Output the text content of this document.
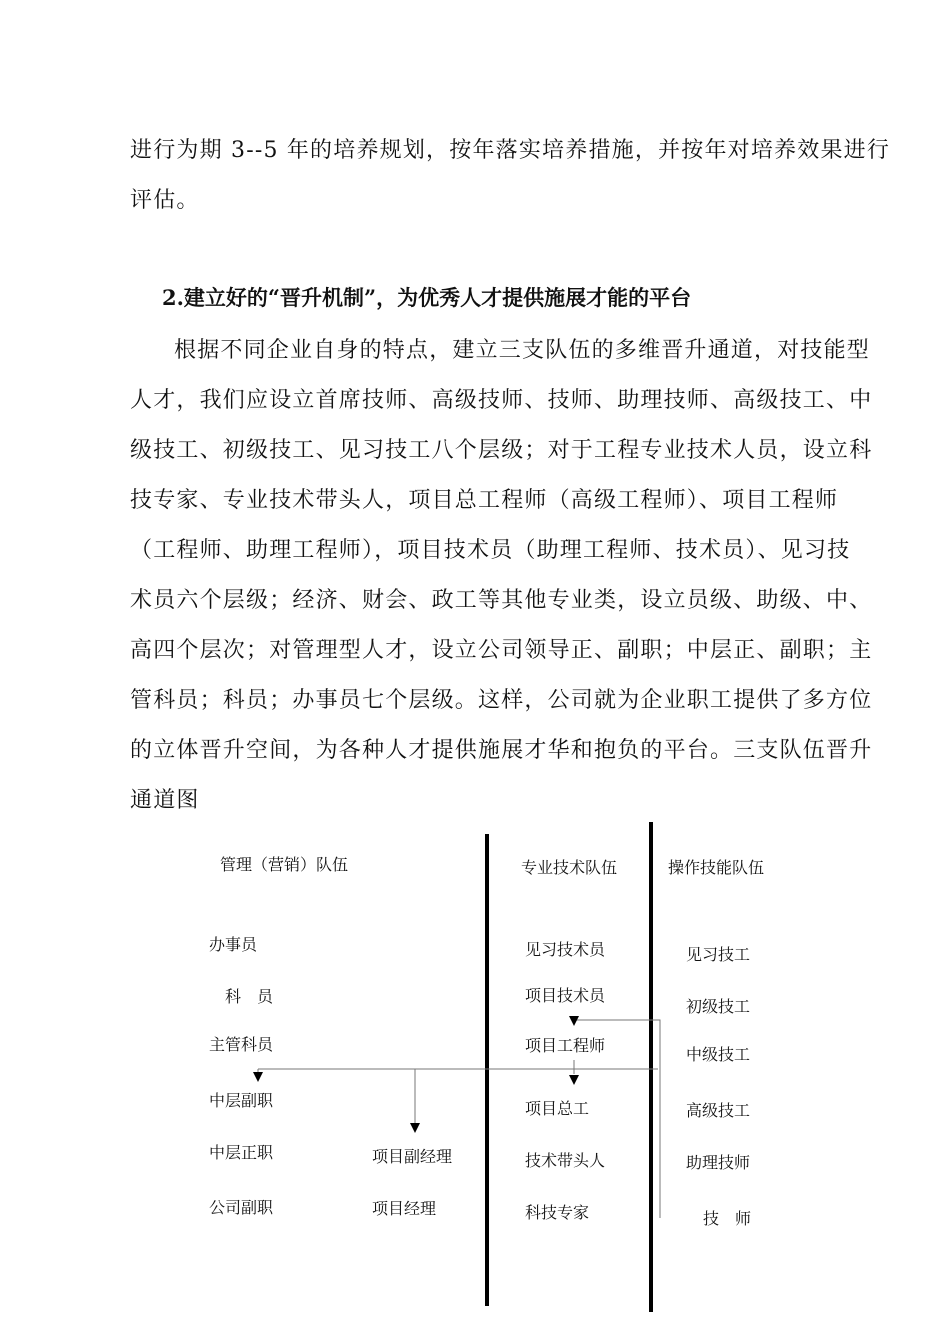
进行为期 3--5 年的培养规划，按年落实培养措施，并按年对培养效果进行
评估。
2.建立好的“晋升机制”，为优秀人才提供施展才能的平台
根据不同企业自身的特点，建立三支队伍的多维晋升通道，对技能型
人才，我们应设立首席技师、高级技师、技师、助理技师、高级技工、中
级技工、初级技工、见习技工八个层级；对于工程专业技术人员，设立科
技专家、专业技术带头人，项目总工程师（高级工程师）、项目工程师
（工程师、助理工程师），项目技术员（助理工程师、技术员）、见习技
术员六个层级；经济、财会、政工等其他专业类，设立员级、助级、中、
高四个层次；对管理型人才，设立公司领导正、副职；中层正、副职；主
管科员；科员；办事员七个层级。这样，公司就为企业职工提供了多方位
的立体晋升空间，为各种人才提供施展才华和抱负的平台。三支队伍晋升
通道图
管理（营销）队伍
办事员
科　员
主管科员
中层副职
中层正职
公司副职
项目副经理
项目经理
专业技术队伍
见习技术员
项目技术员
项目工程师
项目总工
技术带头人
科技专家
操作技能队伍
见习技工
初级技工
中级技工
高级技工
助理技师
技　师
